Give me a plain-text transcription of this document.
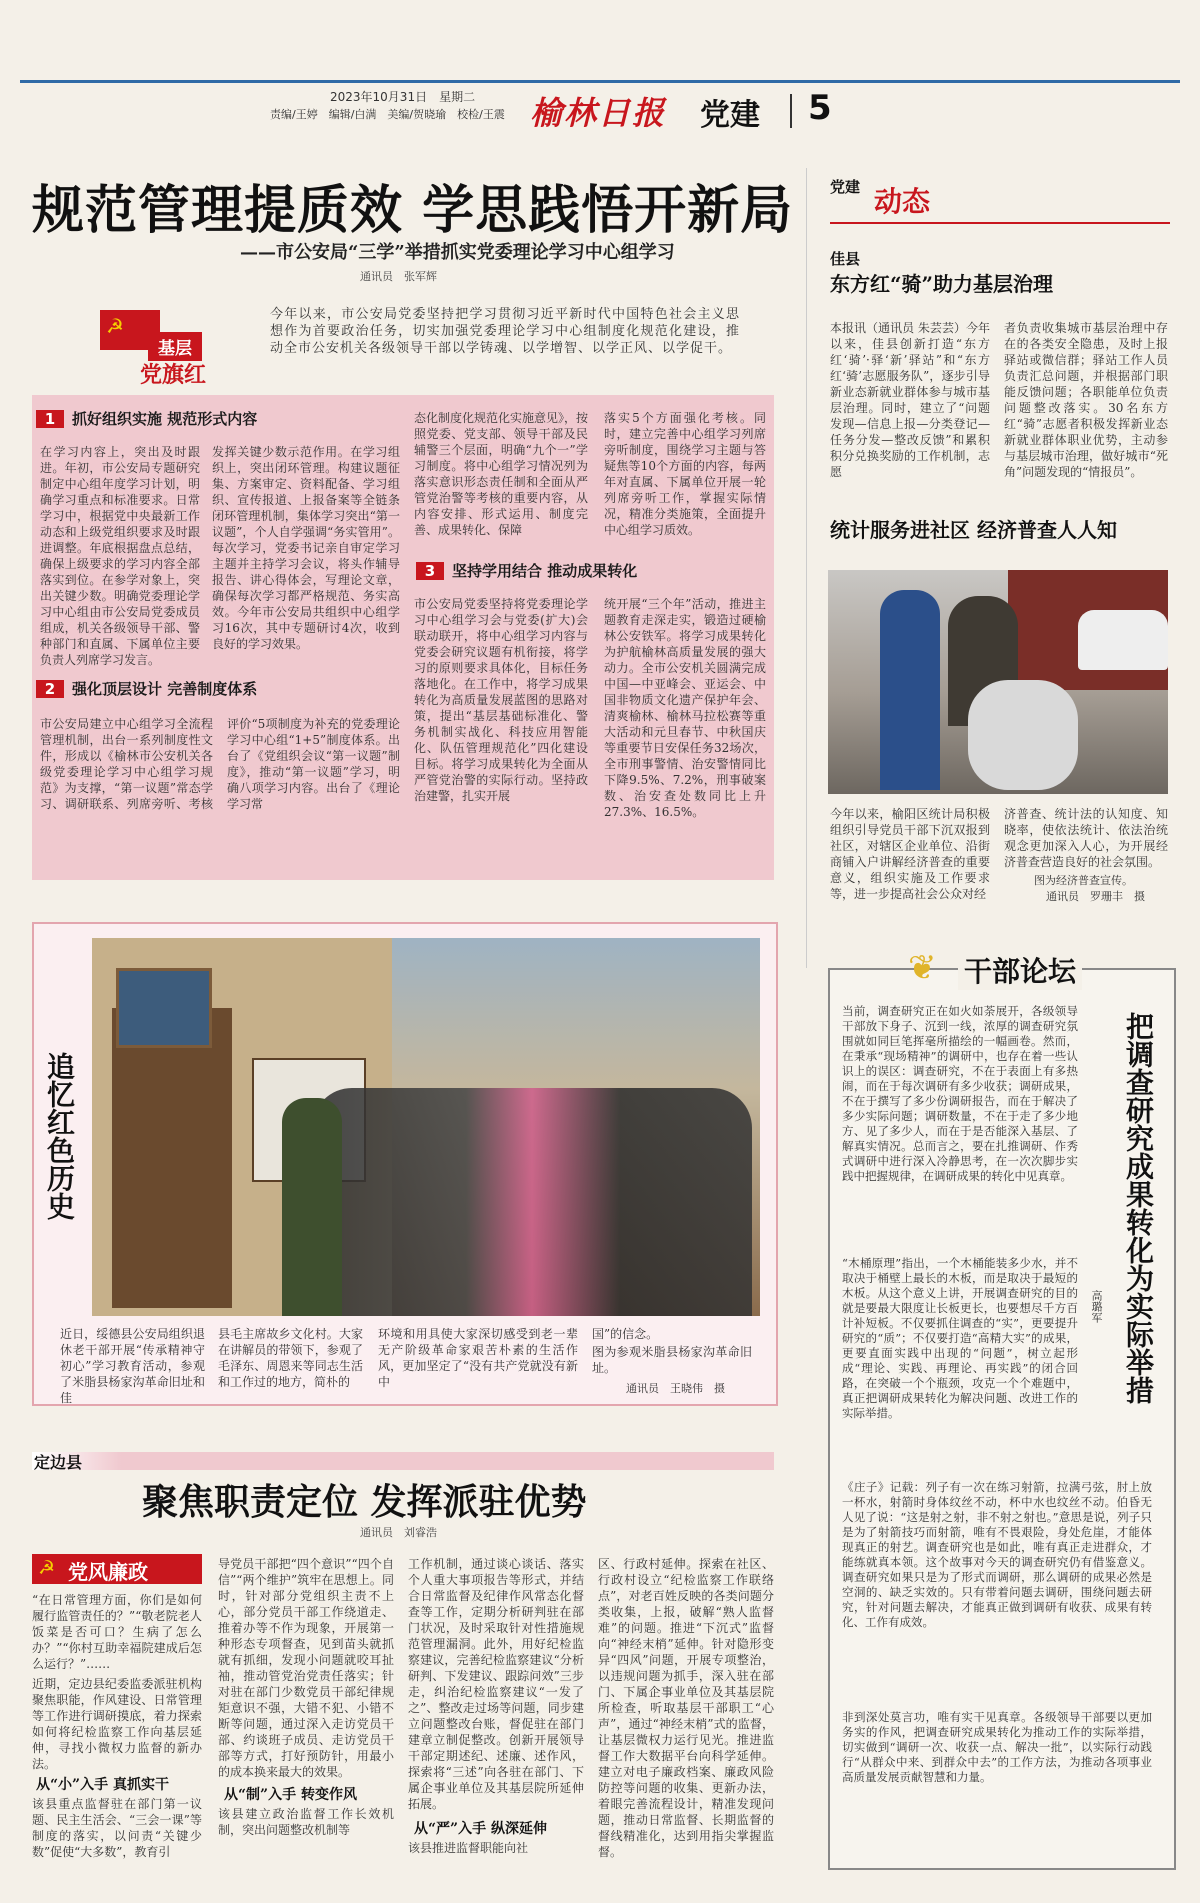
2023年10月31日　星期二
责编/王婷　编辑/白满　美编/贺晓瑜　校检/王震 榆林日报 党建 5
规范管理提质效 学思践悟开新局
——市公安局“三学”举措抓实党委理论学习中心组学习
通讯员　张军辉
☭
基层
党旗红
今年以来，市公安局党委坚持把学习贯彻习近平新时代中国特色社会主义思想作为首要政治任务，切实加强党委理论学习中心组制度化规范化建设，推动全市公安机关各级领导干部以学铸魂、以学增智、以学正风、以学促干。
1 抓好组织实施 规范形式内容
在学习内容上，突出及时跟进。年初，市公安局专题研究制定中心组年度学习计划，明确学习重点和标准要求。日常学习中，根据党中央最新工作动态和上级党组织要求及时跟进调整。年底根据盘点总结，确保上级要求的学习内容全部落实到位。在参学对象上，突出关键少数。明确党委理论学习中心组由市公安局党委成员组成，机关各级领导干部、警种部门和直属、下属单位主要负责人列席学习发言。
发挥关键少数示范作用。在学习组织上，突出闭环管理。构建议题征集、方案审定、资料配备、学习组织、宣传报道、上报备案等全链条闭环管理机制，集体学习突出“第一议题”，个人自学强调“务实管用”。每次学习，党委书记亲自审定学习主题并主持学习会议，将头作辅导报告、讲心得体会，写理论文章，确保每次学习都严格规范、务实高效。今年市公安局共组织中心组学习16次，其中专题研讨4次，收到良好的学习效果。
态化制度化规范化实施意见》，按照党委、党支部、领导干部及民辅警三个层面，明确“九个一”学习制度。将中心组学习情况列为落实意识形态责任制和全面从严管党治警等考核的重要内容，从内容安排、形式运用、制度完善、成果转化、保障
落实5个方面强化考核。同时，建立完善中心组学习列席旁听制度，围绕学习主题与答疑焦等10个方面的内容，每两年对直属、下属单位开展一轮列席旁听工作，掌握实际情况，精准分类施策，全面提升中心组学习质效。
2 强化顶层设计 完善制度体系
市公安局建立中心组学习全流程管理机制，出台一系列制度性文件，形成以《榆林市公安机关各级党委理论学习中心组学习规范》为支撑，“第一议题”常态学习、调研联系、列席旁听、考核评价“5项制度为补充的党委理论学习中心组“1+5”制度体系。出台了《党组织会议“第一议题”制度》，推动“第一议题”学习，明确八项学习内容。出台了《理论学习常
3 坚持学用结合 推动成果转化
市公安局党委坚持将党委理论学习中心组学习会与党委(扩大)会联动联开，将中心组学习内容与党委会研究议题有机衔接，将学习的原则要求具体化，目标任务落地化。在工作中，将学习成果转化为高质量发展蓝图的思路对策，提出“基层基础标准化、警务机制实战化、科技应用智能化、队伍管理规范化”四化建设目标。将学习成果转化为全面从严管党治警的实际行动。坚持政治建警，扎实开展
统开展“三个年”活动，推进主题教育走深走实，锻造过硬榆林公安铁军。将学习成果转化为护航榆林高质量发展的强大动力。全市公安机关圆满完成中国—中亚峰会、亚运会、中国非物质文化遗产保护年会、清爽榆林、榆林马拉松赛等重大活动和元旦春节、中秋国庆等重要节日安保任务32场次，全市刑事警情、治安警情同比下降9.5%、7.2%，刑事破案数、治安查处数同比上升27.3%、16.5%。
追忆红色历史
近日，绥德县公安局组织退休老干部开展“传承精神守初心”学习教育活动，参观了米脂县杨家沟革命旧址和佳
县毛主席故乡文化村。大家在讲解员的带领下，参观了毛泽东、周恩来等同志生活和工作过的地方，简朴的
环境和用具使大家深切感受到老一辈无产阶级革命家艰苦朴素的生活作风，更加坚定了“没有共产党就没有新中
国”的信念。
图为参观米脂县杨家沟革命旧址。
通讯员　王晓伟　摄
定边县
聚焦职责定位 发挥派驻优势
通讯员　刘睿浩
☭ 党风廉政
“在日常管理方面，你们是如何履行监管责任的？”“敬老院老人饭菜是否可口？生病了怎么办？”“你村互助幸福院建成后怎么运行？”……
近期，定边县纪委监委派驻机构聚焦职能，作风建设、日常管理等工作进行调研摸底，着力探索如何将纪检监察工作向基层延伸，寻找小微权力监督的新办法。
从“小”入手 真抓实干
该县重点监督驻在部门第一议题、民主生活会、“三会一课”等制度的落实，以问责“关键少数”促使“大多数”，教育引
导党员干部把“四个意识”“四个自信”“两个维护”筑牢在思想上。同时，针对部分党组织主责不上心，部分党员干部工作绕道走、推着办等不作为现象，开展第一种形态专项督查，见到苗头就抓就有抓细，发现小问题就咬耳扯袖，推动管党治党责任落实；针对驻在部门少数党员干部纪律规矩意识不强，大错不犯、小错不断等问题，通过深入走访党员干部、约谈班子成员、走访党员干部等方式，打好预防针，用最小的成本换来最大的效果。
从“制”入手 转变作风
该县建立政治监督工作长效机制，突出问题整改机制等
工作机制，通过谈心谈话、落实个人重大事项报告等形式，并结合日常监督及纪律作风常态化督查等工作，定期分析研判驻在部门状况，及时采取针对性措施规范管理漏洞。此外，用好纪检监察建议，完善纪检监察建议“分析研判、下发建议、跟踪问效”三步走，纠治纪检监察建议“一发了之”、整改走过场等问题，同步建立问题整改台账，督促驻在部门建章立制促整改。创新开展领导干部定期述纪、述廉、述作风，探索将“三述”向各驻在部门、下属企事业单位及其基层院所延伸拓展。
从“严”入手 纵深延伸
该县推进监督职能向社
区、行政村延伸。探索在社区、行政村设立“纪检监察工作联络点”，对老百姓反映的各类问题分类收集，上报，破解“熟人监督难”的问题。推进“下沉式”监督向“神经末梢”延伸。针对隐形变异“四风”问题，开展专项整治，以违规问题为抓手，深入驻在部门、下属企事业单位及其基层院所检查，听取基层干部职工“心声”，通过“神经末梢”式的监督，让基层微权力运行见光。推进监督工作大数据平台向科学延伸。建立对电子廉政档案、廉政风险防控等问题的收集、更新办法，着眼完善流程设计，精准发现问题，推动日常监督、长期监督的督线精准化，达到用指尖掌握监督。
党建 动态
佳县
东方红“骑”助力基层治理
本报讯（通讯员 朱芸芸）今年以来，佳县创新打造“东方红‘骑’·驿‘新’驿站”和“东方红‘骑’志愿服务队”，逐步引导新业态新就业群体参与城市基层治理。同时，建立了“问题发现—信息上报—分类登记—任务分发—整改反馈”和累积积分兑换奖励的工作机制，志愿
者负责收集城市基层治理中存在的各类安全隐患，及时上报驿站或微信群；驿站工作人员负责汇总问题，并根据部门职能反馈问题；各职能单位负责问题整改落实。30名东方红“骑”志愿者积极发挥新业态新就业群体职业优势，主动参与基层城市治理，做好城市“死角”问题发现的“情报员”。
统计服务进社区 经济普查人人知
今年以来，榆阳区统计局积极组织引导党员干部下沉双报到社区，对辖区企业单位、沿街商铺入户讲解经济普查的重要意义，组织实施及工作要求等，进一步提高社会公众对经
济普查、统计法的认知度、知晓率，使依法统计、依法治统观念更加深入人心，为开展经济普查营造良好的社会氛围。
图为经济普查宣传。
通讯员　罗珊丰　摄
❦ 干部论坛
当前，调查研究正在如火如荼展开，各级领导干部放下身子、沉到一线，浓厚的调查研究氛围就如同巨笔挥毫所描绘的一幅画卷。然而，在秉承“现场精神”的调研中，也存在着一些认识上的误区：调查研究，不在于表面上有多热闹，而在于每次调研有多少收获；调研成果，不在于撰写了多少份调研报告，而在于解决了多少实际问题；调研数量，不在于走了多少地方、见了多少人，而在于是否能深入基层、了解真实情况。总而言之，要在扎推调研、作秀式调研中进行深入冷静思考，在一次次脚步实践中把握规律，在调研成果的转化中见真章。	把调查研究成果转化为实际举措
高璐军
“木桶原理”指出，一个木桶能装多少水，并不取决于桶壁上最长的木板，而是取决于最短的木板。从这个意义上讲，开展调查研究的目的就是要最大限度让长板更长，也要想尽千方百计补短板。不仅要抓住调查的“实”，更要提升研究的“质”；不仅要打造“高精大实”的成果，更要直面实践中出现的“问题”，树立起形成“理论、实践、再理论、再实践”的闭合回路，在突破一个个瓶颈，攻克一个个难题中，真正把调研成果转化为解决问题、改进工作的实际举措。
《庄子》记载：列子有一次在练习射箭，拉满弓弦，肘上放一杯水，射箭时身体纹丝不动，杯中水也纹丝不动。伯昏无人见了说：“这是射之射，非不射之射也。”意思是说，列子只是为了射箭技巧而射箭，唯有不畏艰险，身处危崖，才能体现真正的射艺。调查研究也是如此，唯有真正走进群众，才能练就真本领。这个故事对今天的调查研究仍有借鉴意义。调查研究如果只是为了形式而调研，那么调研的成果必然是空洞的、缺乏实效的。只有带着问题去调研，围绕问题去研究，针对问题去解决，才能真正做到调研有收获、成果有转化、工作有成效。
非到深处莫言功，唯有实干见真章。各级领导干部要以更加务实的作风，把调查研究成果转化为推动工作的实际举措，切实做到“调研一次、收获一点、解决一批”，以实际行动践行“从群众中来、到群众中去”的工作方法，为推动各项事业高质量发展贡献智慧和力量。
